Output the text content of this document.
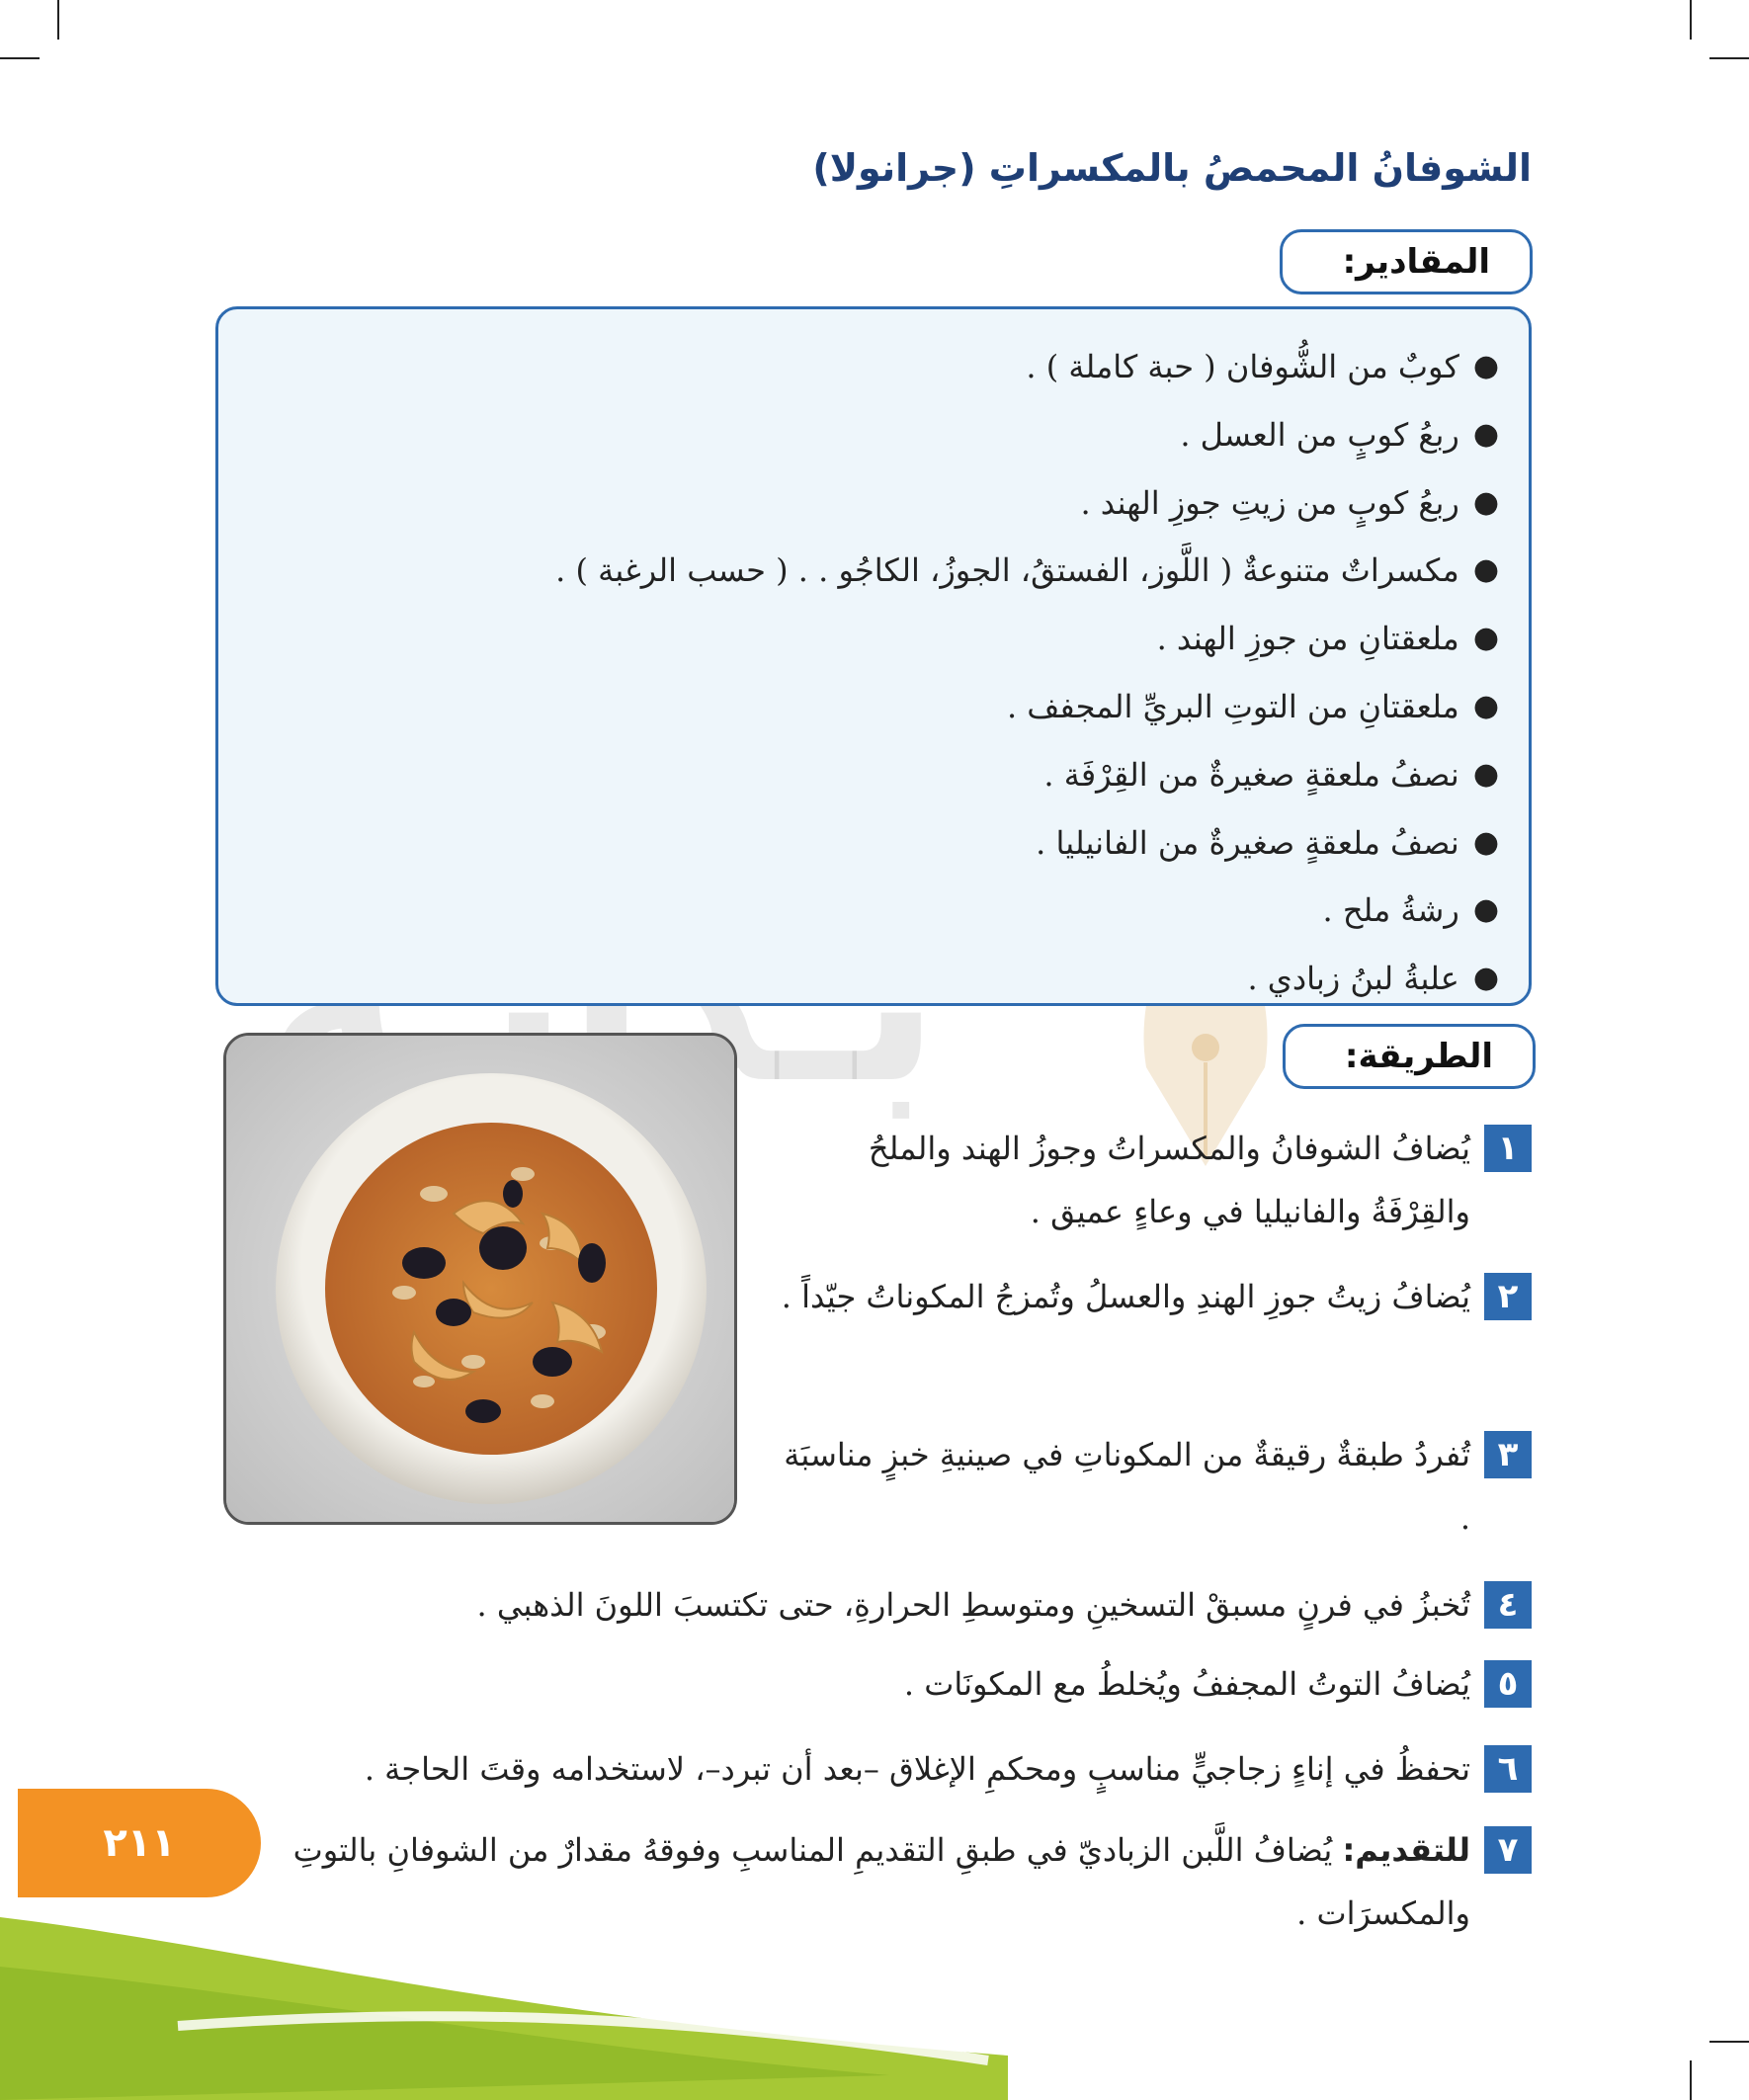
الشوفانُ المحمصُ بالمكسراتِ (جرانولا)
المقادير:
●
كوبٌ من الشُّوفان ( حبة كاملة ) .
●
ربعُ كوبٍ من العسل .
●
ربعُ كوبٍ من زيتِ جوزِ الهند .
●
مكسراتٌ متنوعةٌ ( اللَّوز، الفستقُ، الجوزُ، الكاجُو . . ( حسب الرغبة ) .
●
ملعقتانِ من جوزِ الهند .
●
ملعقتانِ من التوتِ البريِّ المجفف .
●
نصفُ ملعقةٍ صغيرةٌ من القِرْفَة .
●
نصفُ ملعقةٍ صغيرةٌ من الفانيليا .
●
رشةُ ملح .
●
علبةُ لبنُ زبادي .
الطريقة:
١
يُضافُ الشوفانُ والمكسراتُ وجوزُ الهند والملحُ والقِرْفَةُ والفانيليا في وعاءٍ عميق .
٢
يُضافُ زيتُ جوزِ الهندِ والعسلُ وتُمزجُ المكوناتُ جيّداً .
٣
تُفردُ طبقةٌ رقيقةٌ من المكوناتِ في صينيةِ خبزٍ مناسبَة .
٤
تُخبزُ في فرنٍ مسبقْ التسخينِ ومتوسطِ الحرارةِ، حتى تكتسبَ اللونَ الذهبي .
٥
يُضافُ التوتُ المجففُ ويُخلطُ مع المكونَات .
٦
تحفظُ في إناءٍ زجاجيٍّ مناسبٍ ومحكمِ الإغلاق –بعد أن تبرد–، لاستخدامه وقتَ الحاجة .
٧
للتقديم: يُضافُ اللَّبن الزباديّ في طبقِ التقديمِ المناسبِ وفوقهُ مقدارٌ من الشوفانِ بالتوتِ والمكسرَات .
٢١١
